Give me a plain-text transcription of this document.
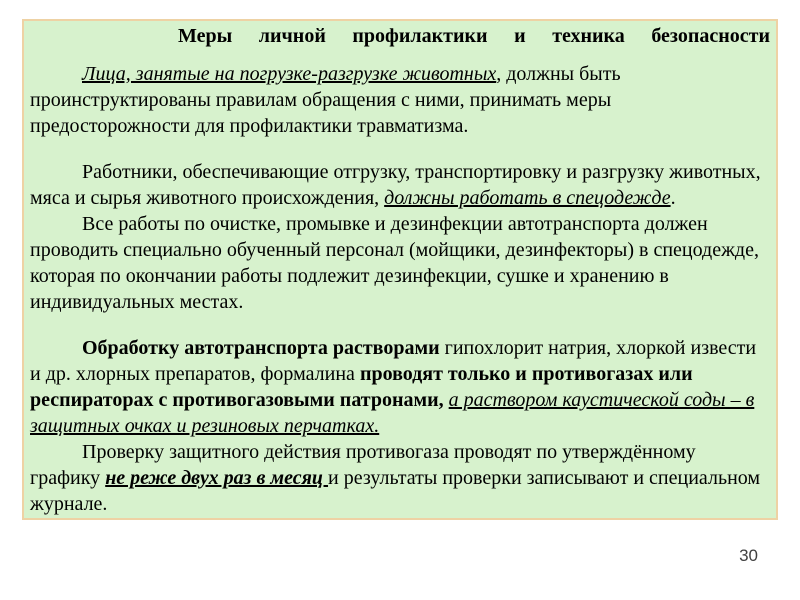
Меры личной профилактики и техника безопасности

Лица, занятые на погрузке-разгрузке животных, должны быть проинструктированы правилам обращения с ними, принимать меры предосторожности для профилактики травматизма.

Работники, обеспечивающие отгрузку, транспортировку и разгрузку животных, мяса и сырья животного происхождения, должны работать в спецодежде.

Все работы по очистке, промывке и дезинфекции автотранспорта должен проводить специально обученный персонал (мойщики, дезинфекторы) в спецодежде, которая по окончании работы подлежит дезинфекции, сушке и хранению в индивидуальных местах.

Обработку автотранспорта растворами гипохлорит натрия, хлоркой извести и др. хлорных препаратов, формалина проводят только и противогазах или респираторах с противогазовыми патронами, а раствором каустической соды – в защитных очках и резиновых перчатках.

Проверку защитного действия противогаза проводят по утверждённому графику не реже двух раз в месяц и результаты проверки записывают и специальном журнале.

30
